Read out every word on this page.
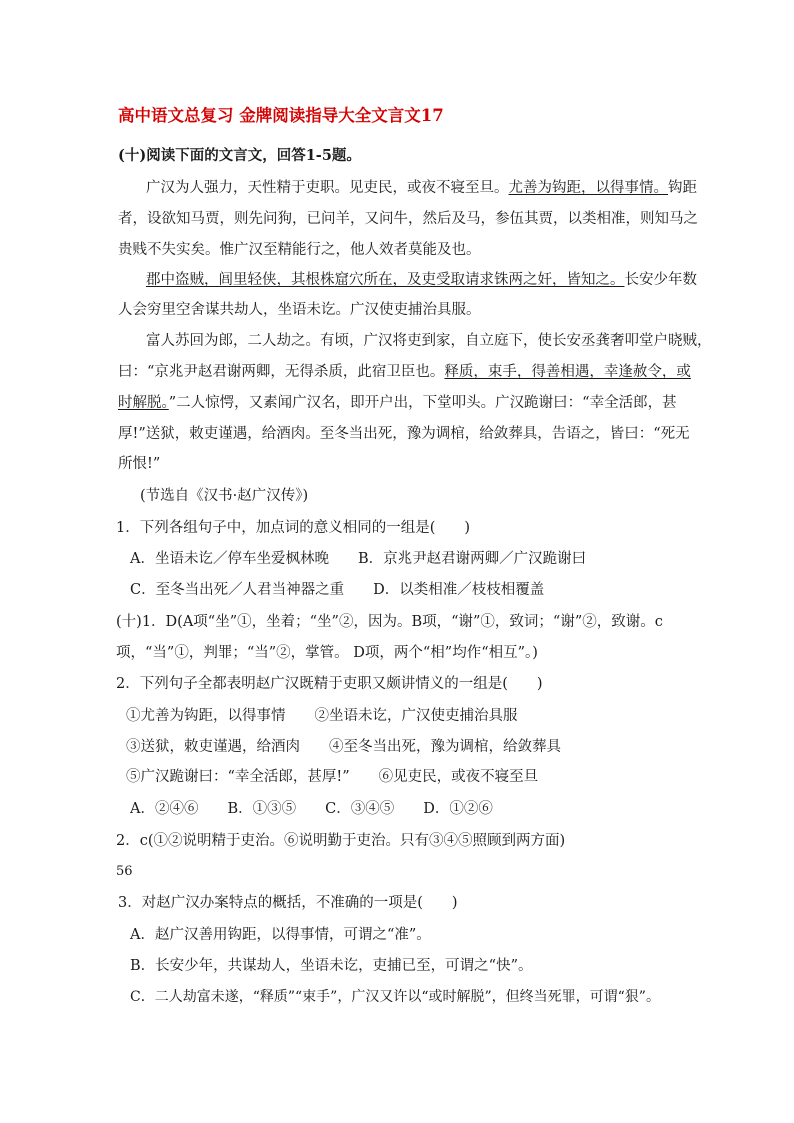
高中语文总复习 金牌阅读指导大全文言文17
(十)阅读下面的文言文，回答1-5题。
广汉为人强力，天性精于吏职。见吏民，或夜不寝至旦。尤善为钩距，以得事情。钩距
者，设欲知马贾，则先问狗，已问羊，又问牛，然后及马，参伍其贾，以类相准，则知马之
贵贱不失实矣。惟广汉至精能行之，他人效者莫能及也。
郡中盗贼，闾里轻侠，其根株窟穴所在，及吏受取请求铢两之奸，皆知之。长安少年数
人会穷里空舍谋共劫人，坐语未讫。广汉使吏捕治具服。
富人苏回为郎，二人劫之。有顷，广汉将吏到家，自立庭下，使长安丞龚奢叩堂户晓贼，
曰：“京兆尹赵君谢两卿，无得杀质，此宿卫臣也。释质，束手，得善相遇，幸逢赦令，或
时解脱。”二人惊愕，又素闻广汉名，即开户出，下堂叩头。广汉跪谢曰：“幸全活郎，甚
厚!”送狱，敕吏谨遇，给酒肉。至冬当出死，豫为调棺，给敛葬具，告语之，皆曰：“死无
所恨!”
(节选自《汉书·赵广汉传》)
1．下列各组句子中，加点词的意义相同的一组是(　　)
A．坐语未讫／停车坐爱枫林晚　　B．京兆尹赵君谢两卿／广汉跪谢曰
C．至冬当出死／人君当神器之重　　D．以类相准／枝枝相覆盖
(十)1．D(A项“坐”①，坐着；“坐”②，因为。B项，“谢”①，致词；“谢”②，致谢。c
项，“当”①，判罪；“当”②，掌管。 D项，两个“相”均作“相互”。)
2．下列句子全都表明赵广汉既精于吏职又颇讲情义的一组是(　　)
①尤善为钩距，以得事情　　②坐语未讫，广汉使吏捕治具服
③送狱，敕吏谨遇，给酒肉　　④至冬当出死，豫为调棺，给敛葬具
⑤广汉跪谢曰：“幸全活郎，甚厚!”　　⑥见吏民，或夜不寝至旦
A．②④⑥　　B．①③⑤　　C．③④⑤　　D．①②⑥
2．c(①②说明精于吏治。⑥说明勤于吏治。只有③④⑤照顾到两方面)
56
3．对赵广汉办案特点的概括，不准确的一项是(　　)
A．赵广汉善用钩距，以得事情，可谓之“准”。
B．长安少年，共谋劫人，坐语未讫，吏捕已至，可谓之“快”。
C．二人劫富未遂，“释质”“束手”，广汉又许以“或时解脱”，但终当死罪，可谓“狠”。
